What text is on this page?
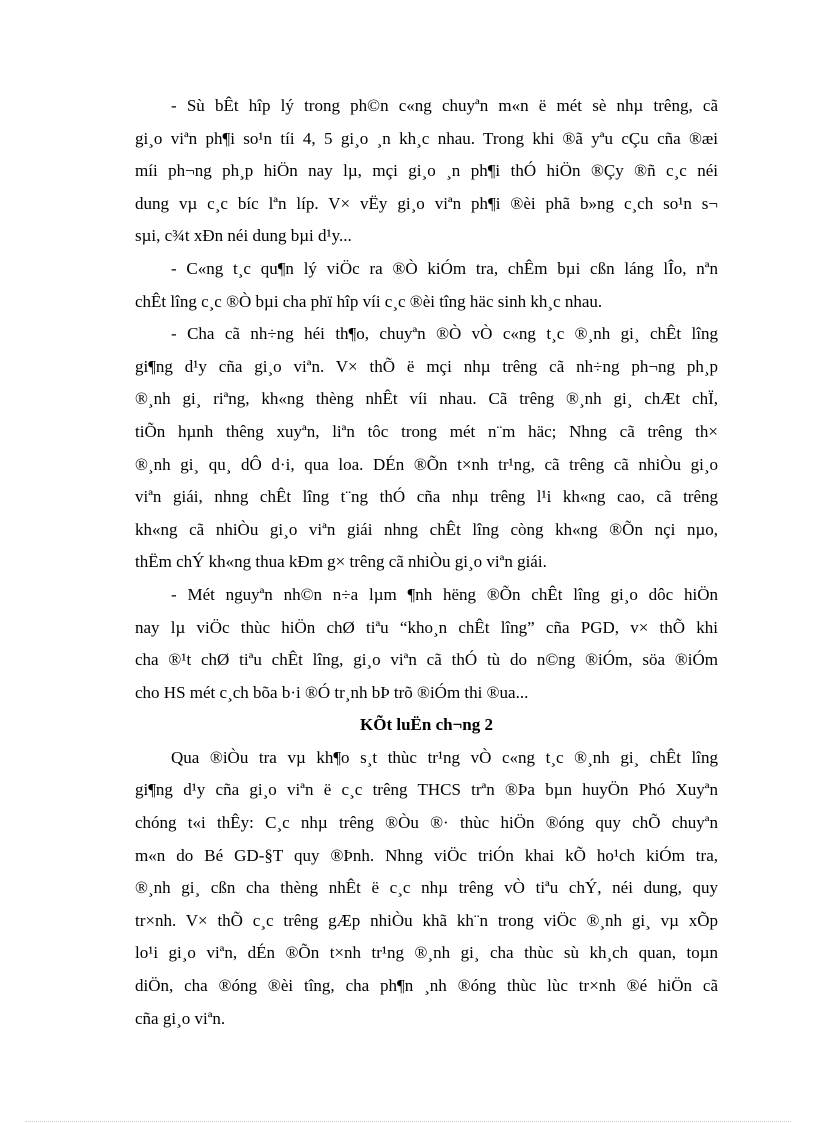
- Sù bÊt hîp lý trong ph©n c«ng chuyªn m«n ë mét sè nhµ trêng, cã
gi¸o viªn ph¶i so¹n tíi 4, 5 gi¸o ¸n kh¸c nhau. Trong khi ®ã yªu cÇu cña ®æi
míi ph¬ng ph¸p hiÖn nay lµ, mçi gi¸o ¸n ph¶i thÓ hiÖn ®Çy ®ñ c¸c néi
dung vµ c¸c bíc lªn líp. V× vËy gi¸o viªn ph¶i ®èi phã b»ng c¸ch so¹n s¬
sµi, c¾t xÐn néi dung bµi d¹y...
- C«ng t¸c qu¶n lý viÖc ra ®Ò kiÓm tra, chÊm bµi cßn láng lÎo, nªn
chÊt lîng c¸c ®Ò bµi cha phï hîp víi c¸c ®èi tîng häc sinh kh¸c nhau.
- Cha cã nh÷ng héi th¶o, chuyªn ®Ò vÒ c«ng t¸c ®¸nh gi¸ chÊt lîng
gi¶ng d¹y cña gi¸o viªn. V× thÕ ë mçi nhµ trêng cã nh÷ng ph¬ng ph¸p
®¸nh gi¸ riªng, kh«ng thèng nhÊt víi nhau. Cã trêng ®¸nh gi¸ chÆt chÏ,
tiÕn hµnh thêng xuyªn, liªn tôc trong mét n¨m häc; Nhng cã trêng th×
®¸nh gi¸ qu¸ dÔ d·i, qua loa. DÉn ®Õn t×nh tr¹ng, cã trêng cã nhiÒu gi¸o
viªn giái, nhng chÊt lîng t¨ng thÓ cña nhµ trêng l¹i kh«ng cao, cã trêng
kh«ng cã nhiÒu gi¸o viªn giái nhng chÊt lîng còng kh«ng ®Õn nçi nµo,
thËm chÝ kh«ng thua kÐm g× trêng cã nhiÒu gi¸o viªn giái.
- Mét nguyªn nh©n n÷a lµm ¶nh hëng ®Õn chÊt lîng gi¸o dôc hiÖn
nay lµ viÖc thùc hiÖn chØ tiªu “kho¸n chÊt lîng” cña PGD, v× thÕ khi
cha ®¹t chØ tiªu chÊt lîng, gi¸o viªn cã thÓ tù do n©ng ®iÓm, söa ®iÓm
cho HS mét c¸ch bõa b·i ®Ó tr¸nh bÞ trõ ®iÓm thi ®ua...
KÕt luËn ch¬ng 2
Qua ®iÒu tra vµ kh¶o s¸t thùc tr¹ng vÒ c«ng t¸c ®¸nh gi¸ chÊt lîng
gi¶ng d¹y cña gi¸o viªn ë c¸c trêng THCS trªn ®Þa bµn huyÖn Phó Xuyªn
chóng t«i thÊy: C¸c nhµ trêng ®Òu ®· thùc hiÖn ®óng quy chÕ chuyªn
m«n do Bé GD-§T quy ®Þnh. Nhng viÖc triÓn khai kÕ ho¹ch kiÓm tra,
®¸nh gi¸ cßn cha thèng nhÊt ë c¸c nhµ trêng vÒ tiªu chÝ, néi dung, quy
tr×nh. V× thÕ c¸c trêng gÆp nhiÒu khã kh¨n trong viÖc ®¸nh gi¸ vµ xÕp
lo¹i gi¸o viªn, dÉn ®Õn t×nh tr¹ng ®¸nh gi¸ cha thùc sù kh¸ch quan, toµn
diÖn, cha ®óng ®èi tîng, cha ph¶n ¸nh ®óng thùc lùc tr×nh ®é hiÖn cã
cña gi¸o viªn.
